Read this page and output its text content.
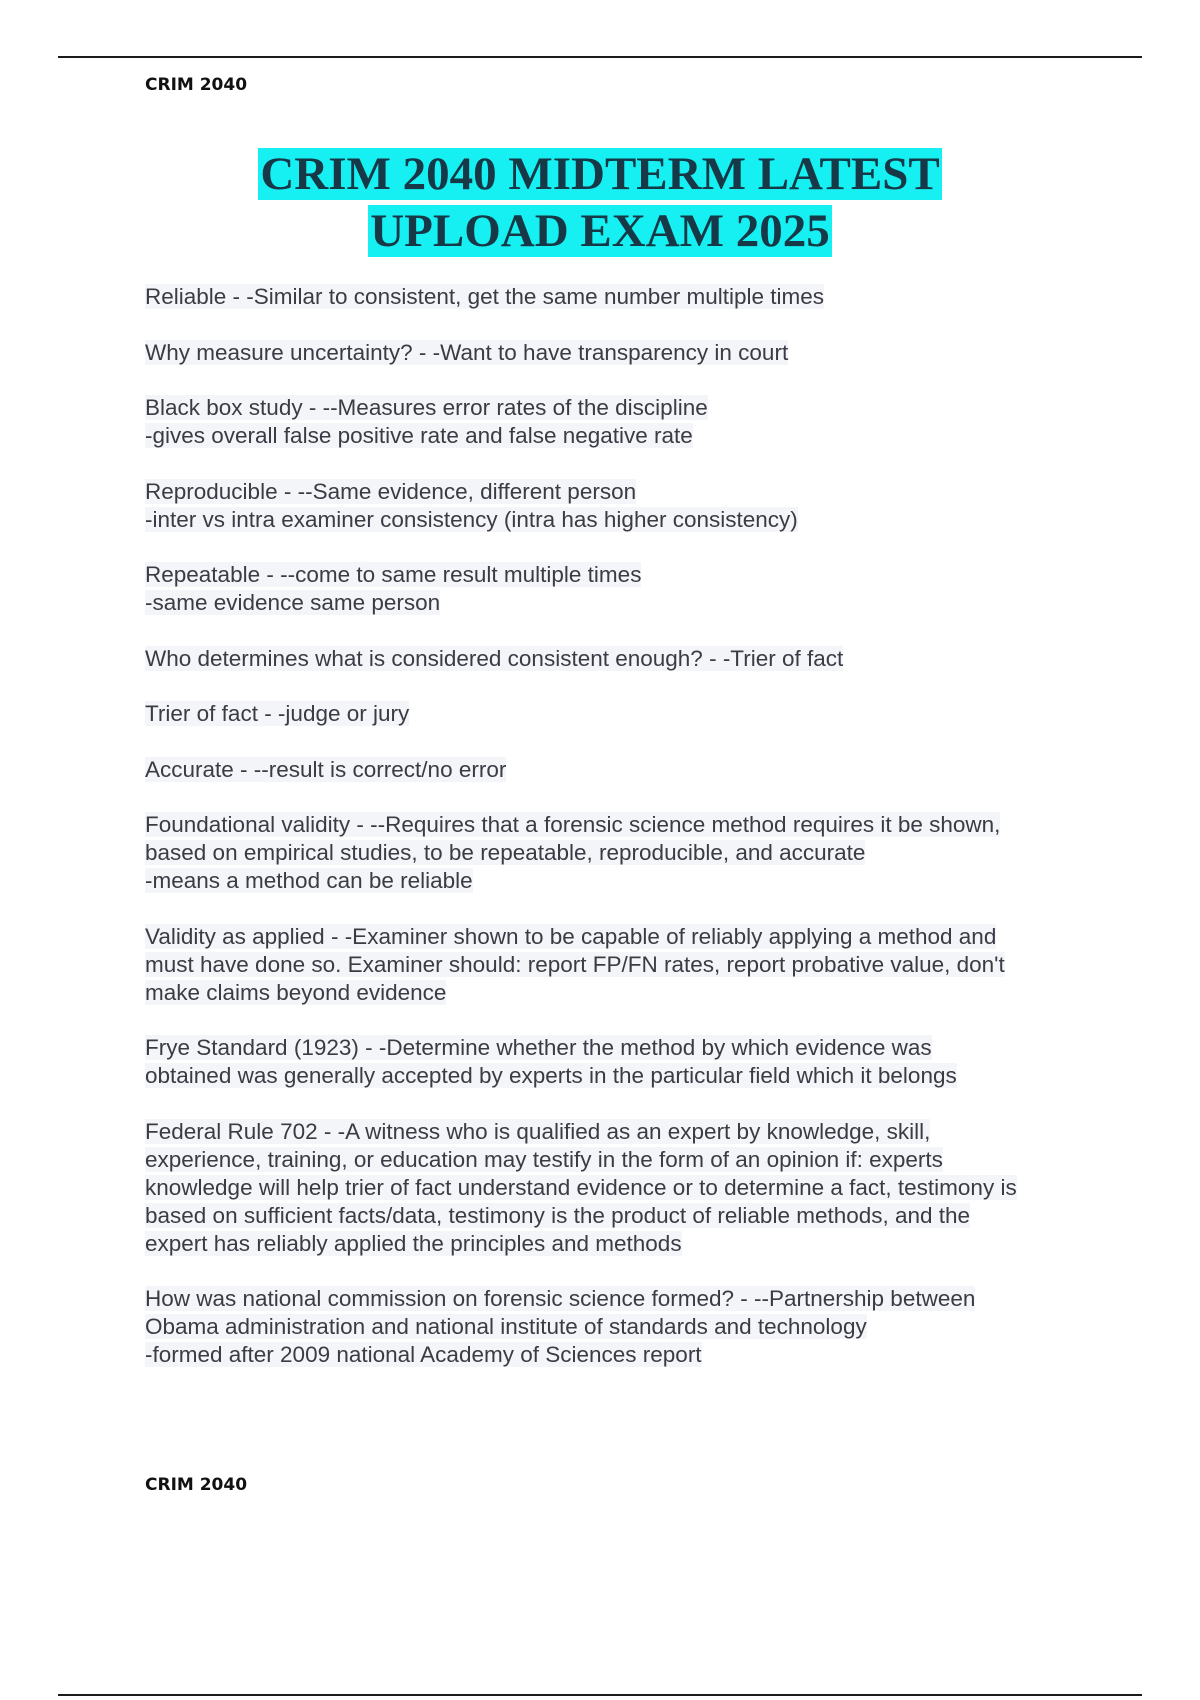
CRIM 2040
CRIM 2040 MIDTERM LATEST
UPLOAD EXAM 2025
Reliable - -Similar to consistent, get the same number multiple times
Why measure uncertainty? - -Want to have transparency in court
Black box study - --Measures error rates of the discipline
-gives overall false positive rate and false negative rate
Reproducible - --Same evidence, different person
-inter vs intra examiner consistency (intra has higher consistency)
Repeatable - --come to same result multiple times
-same evidence same person
Who determines what is considered consistent enough? - -Trier of fact
Trier of fact - -judge or jury
Accurate - --result is correct/no error
Foundational validity - --Requires that a forensic science method requires it be shown,
based on empirical studies, to be repeatable, reproducible, and accurate
-means a method can be reliable
Validity as applied - -Examiner shown to be capable of reliably applying a method and
must have done so. Examiner should: report FP/FN rates, report probative value, don't
make claims beyond evidence
Frye Standard (1923) - -Determine whether the method by which evidence was
obtained was generally accepted by experts in the particular field which it belongs
Federal Rule 702 - -A witness who is qualified as an expert by knowledge, skill,
experience, training, or education may testify in the form of an opinion if: experts
knowledge will help trier of fact understand evidence or to determine a fact, testimony is
based on sufficient facts/data, testimony is the product of reliable methods, and the
expert has reliably applied the principles and methods
How was national commission on forensic science formed? - --Partnership between
Obama administration and national institute of standards and technology
-formed after 2009 national Academy of Sciences report
CRIM 2040
